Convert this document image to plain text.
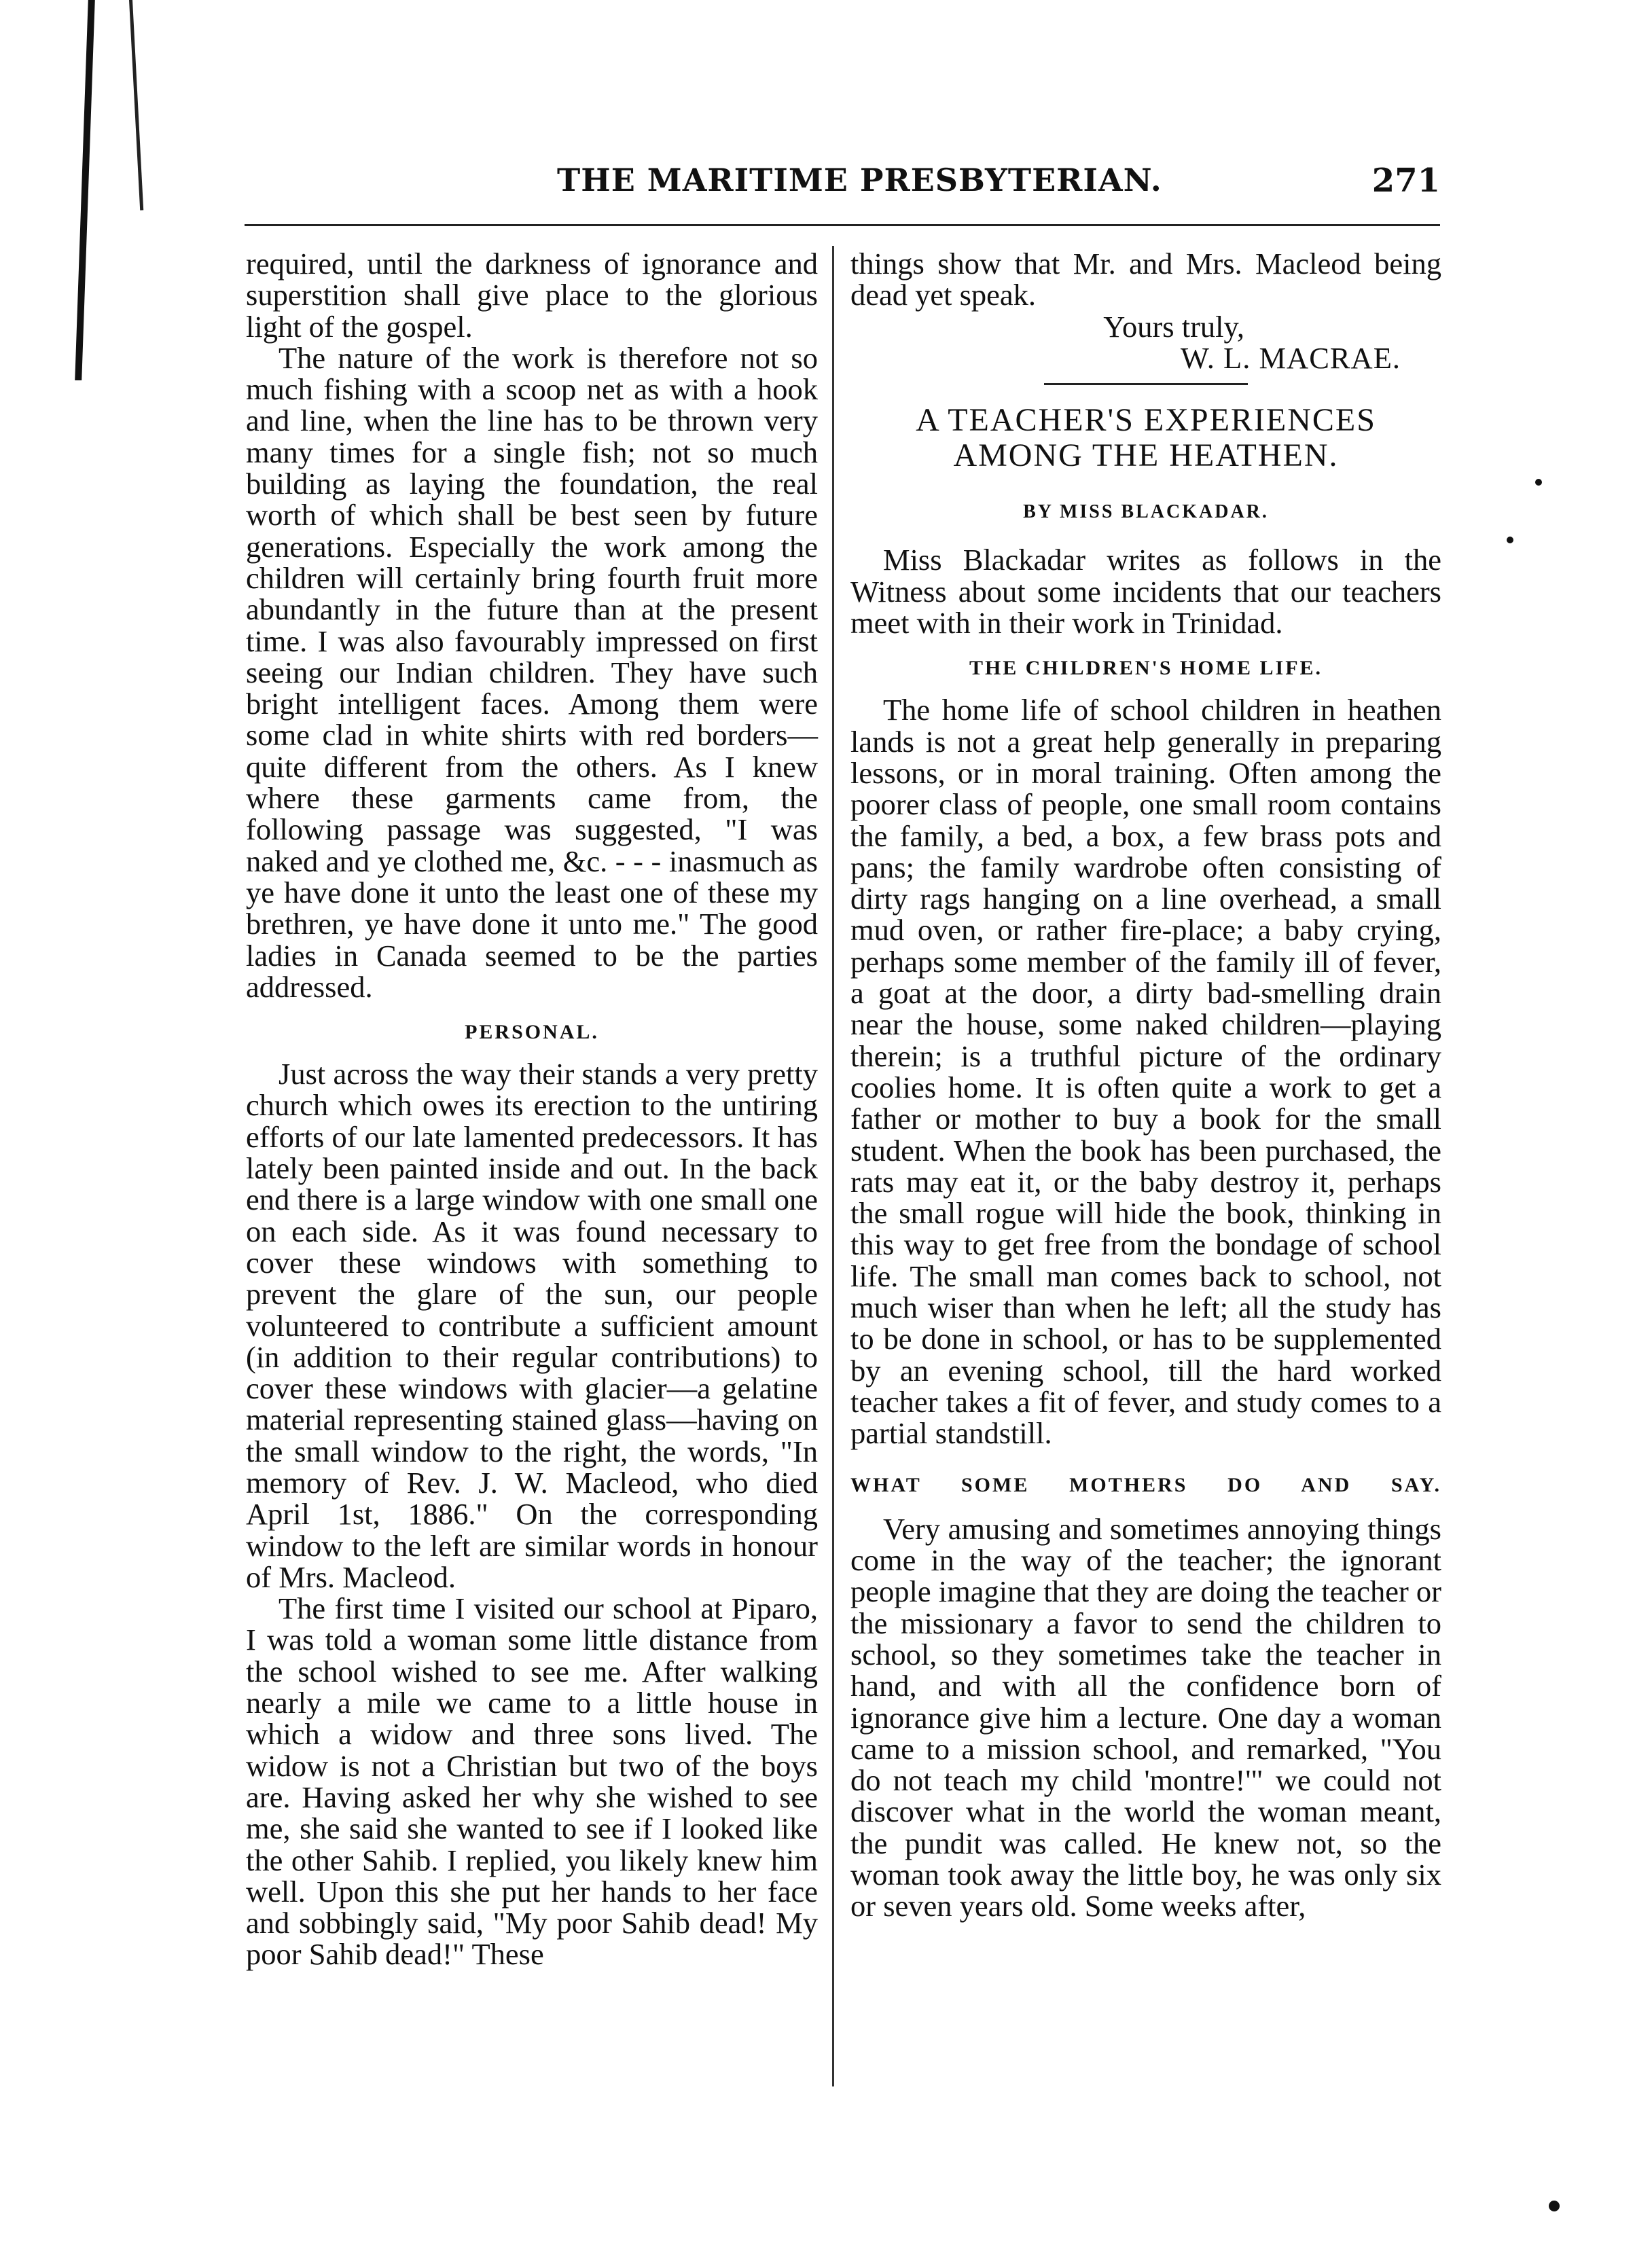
THE MARITIME PRESBYTERIAN.	271

required, until the darkness of ignorance and superstition shall give place to the glorious light of the gospel.

The nature of the work is therefore not so much fishing with a scoop net as with a hook and line, when the line has to be thrown very many times for a single fish; not so much building as laying the foundation, the real worth of which shall be best seen by future generations. Especially the work among the children will certainly bring fourth fruit more abundantly in the future than at the present time. I was also favourably impressed on first seeing our Indian children. They have such bright intelligent faces. Among them were some clad in white shirts with red borders—quite different from the others. As I knew where these garments came from, the following passage was suggested, "I was naked and ye clothed me, &c. - - - inasmuch as ye have done it unto the least one of these my brethren, ye have done it unto me." The good ladies in Canada seemed to be the parties addressed.

PERSONAL.

Just across the way their stands a very pretty church which owes its erection to the untiring efforts of our late lamented predecessors. It has lately been painted inside and out. In the back end there is a large window with one small one on each side. As it was found necessary to cover these windows with something to prevent the glare of the sun, our people volunteered to contribute a sufficient amount (in addition to their regular contributions) to cover these windows with glacier—a gelatine material representing stained glass—having on the small window to the right, the words, "In memory of Rev. J. W. Macleod, who died April 1st, 1886." On the corresponding window to the left are similar words in honour of Mrs. Macleod.

The first time I visited our school at Piparo, I was told a woman some little distance from the school wished to see me. After walking nearly a mile we came to a little house in which a widow and three sons lived. The widow is not a Christian but two of the boys are. Having asked her why she wished to see me, she said she wanted to see if I looked like the other Sahib. I replied, you likely knew him well. Upon this she put her hands to her face and sobbingly said, "My poor Sahib dead! My poor Sahib dead!" These

things show that Mr. and Mrs. Macleod being dead yet speak.

Yours truly,
W. L. MACRAE.
A TEACHER'S EXPERIENCES
AMONG THE HEATHEN.
BY MISS BLACKADAR.

Miss Blackadar writes as follows in the Witness about some incidents that our teachers meet with in their work in Trinidad.

THE CHILDREN'S HOME LIFE.

The home life of school children in heathen lands is not a great help generally in preparing lessons, or in moral training. Often among the poorer class of people, one small room contains the family, a bed, a box, a few brass pots and pans; the family wardrobe often consisting of dirty rags hanging on a line overhead, a small mud oven, or rather fire-place; a baby crying, perhaps some member of the family ill of fever, a goat at the door, a dirty bad-smelling drain near the house, some naked children—playing therein; is a truthful picture of the ordinary coolies home. It is often quite a work to get a father or mother to buy a book for the small student. When the book has been purchased, the rats may eat it, or the baby destroy it, perhaps the small rogue will hide the book, thinking in this way to get free from the bondage of school life. The small man comes back to school, not much wiser than when he left; all the study has to be done in school, or has to be supplemented by an evening school, till the hard worked teacher takes a fit of fever, and study comes to a partial standstill.

WHAT SOME MOTHERS DO AND SAY.

Very amusing and sometimes annoying things come in the way of the teacher; the ignorant people imagine that they are doing the teacher or the missionary a favor to send the children to school, so they sometimes take the teacher in hand, and with all the confidence born of ignorance give him a lecture. One day a woman came to a mission school, and remarked, "You do not teach my child 'montre!'" we could not discover what in the world the woman meant, the pundit was called. He knew not, so the woman took away the little boy, he was only six or seven years old. Some weeks after,
